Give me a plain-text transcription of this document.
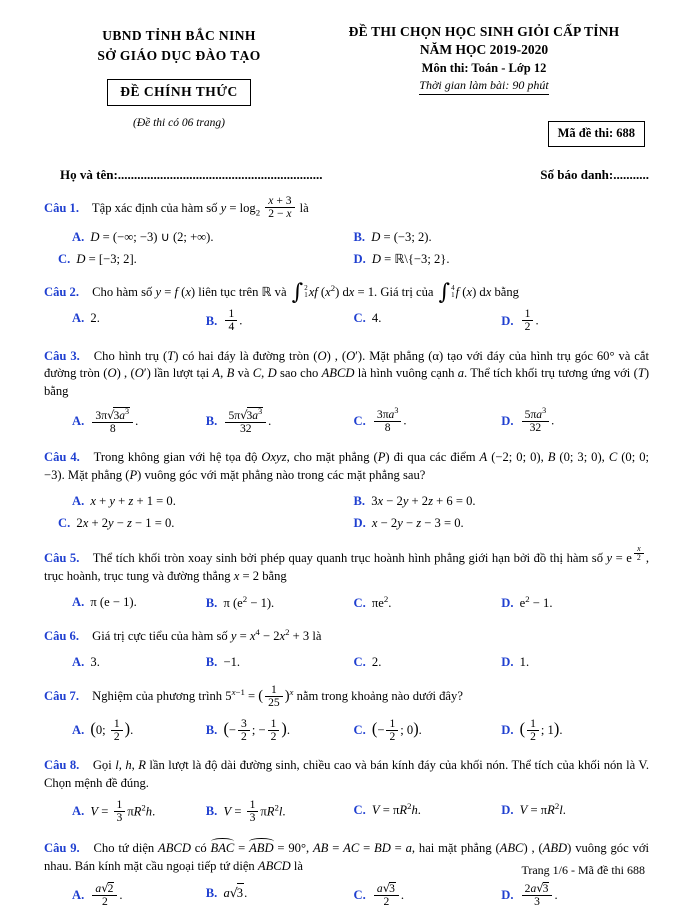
UBND TỈNH BẮC NINH
SỞ GIÁO DỤC ĐÀO TẠO
ĐỀ CHÍNH THỨC
(Đề thi có 06 trang)
ĐỀ THI CHỌN HỌC SINH GIỎI CẤP TỈNH
NĂM HỌC 2019-2020
Môn thi: Toán - Lớp 12
Thời gian làm bài: 90 phút
Mã đề thi: 688
Họ và tên: ...............................................................	Số báo danh: ...........
Câu 1. Tập xác định của hàm số $y = \log_2 \frac{x + 3}{2 - x}$ là
A. D = (−∞; −3) ∪ (2; +∞).	B. D = (−3; 2).
C. D = [−3; 2].	D. D = ℝ\{−3; 2}.
Câu 2. Cho hàm số y = f (x) liên tục trên ℝ và ∫ 2
1 xf $(x^2)$ dx = 1. Giá trị của ∫ 4
1 f (x) dx bằng
A. 2.	B. $\frac{1}{4}$ .	C. 4.	D. $\frac{1}{2}$ .
Câu 3. Cho hình trụ (T) có hai đáy là đường tròn (O) , (O′). Mặt phẳng (α) tạo với đáy của hình trụ góc 60° và cắt đường tròn (O) , (O′) lần lượt tại A, B và C, D sao cho ABCD là hình vuông cạnh a. Thể tích khối trụ tương ứng với (T) bằng
A. $\frac{3\pi√3a^3}{8}$ .	B. $\frac{5\pi√3a^3}{32}$ .	C. $\frac{3\pi a^3}{8}$ .	D. $\frac{5\pi a^3}{32}$ .
Câu 4. Trong không gian với hệ tọa độ Oxyz, cho mặt phẳng (P) đi qua các điểm A (−2; 0; 0), B (0; 3; 0), C (0; 0; −3). Mặt phẳng (P) vuông góc với mặt phẳng nào trong các mặt phẳng sau?
A. x + y + z + 1 = 0.	B. 3x − 2y + 2z + 6 = 0.
C. 2x + 2y − z − 1 = 0.	D. x − 2y − z − 3 = 0.
Câu 5. Thể tích khối tròn xoay sinh bởi phép quay quanh trục hoành hình phẳng giới hạn bởi đồ thị hàm số y = e $^{\frac{x}{2}}$ , trục hoành, trục tung và đường thẳng x = 2 bằng
A. π (e − 1).	B. π $(e^2 - 1)$.	C. $\pi e^2$.	D. $e^2 - 1$.
Câu 6. Giá trị cực tiểu của hàm số $y = x^4 - 2x^2 + 3$ là
A. 3.	B. −1.	C. 2.	D. 1.
Câu 7. Nghiệm của phương trình $5^{x-1}$ = ( $\frac{1}{25} )^x$ nằm trong khoảng nào dưới đây?
A. (0; $\frac{1}{2}$ ).	B. (− $\frac{3}{2}$ ; − $\frac{1}{2}$ ).	C. (− $\frac{1}{2}$ ; 0).	D. ( $\frac{1}{2}$ ; 1).
Câu 8. Gọi l, h, R lần lượt là độ dài đường sinh, chiều cao và bán kính đáy của khối nón. Thể tích của khối nón là V. Chọn mệnh đề đúng.
A. $V = \frac{1}{3} \pi R^2h$.	B. $V = \frac{1}{3} \pi R^2l$.	C. $V = \pi R^2h$.	D. $V = \pi R^2l$.
Câu 9. Cho tứ diện ABCD có BAC = ABD = 90°, AB = AC = BD = a, hai mặt phẳng (ABC) , (ABD) vuông góc với nhau. Bán kính mặt cầu ngoại tiếp tứ diện ABCD là
A. $\frac{a√2}{2}$ .	B. a√3.	C. $\frac{a√3}{2}$ .	D. $\frac{2a√3}{3}$ .
Trang 1/6 - Mã đề thi 688
